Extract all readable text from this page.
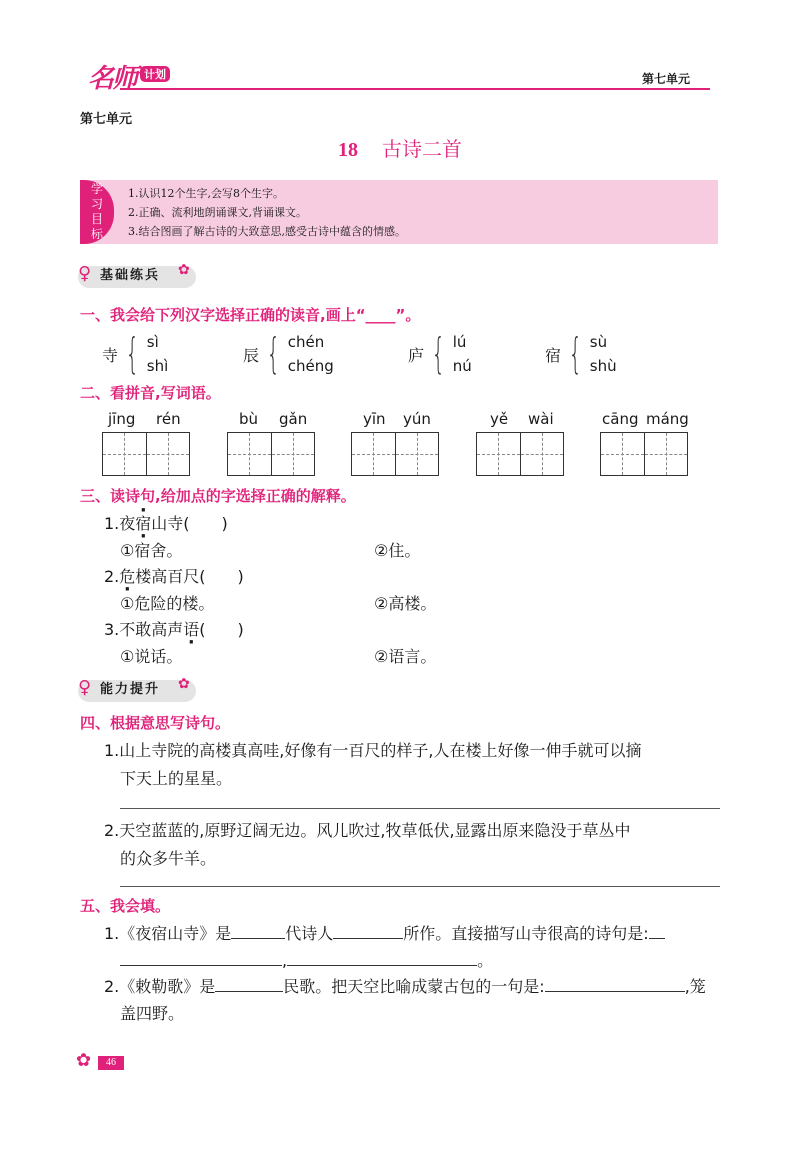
名师 计划	第七单元
第七单元
18 古诗二首
学
习
目
标
1.认识12个生字,会写8个生字。
2.正确、流利地朗诵课文,背诵课文。
3.结合图画了解古诗的大致意思,感受古诗中蕴含的情感。
♀ 基础练兵 ✿
一、我会给下列汉字选择正确的读音,画上“____”。
寺 { sì
shì
辰 { chén
chéng
庐 { lú
nú
宿 { sù
shù
二、看拼音,写词语。
jīng rén	bù gǎn	yīn yún	yě wài	cāng máng
三、读诗句,给加点的字选择正确的解释。
1.夜宿山寺(　　)
①宿舍。	②住。
2.危楼高百尺(　　)
①危险的楼。	②高楼。
3.不敢高声语(　　)
①说话。	②语言。
♀ 能力提升 ✿
四、根据意思写诗句。
1.山上寺院的高楼真高哇,好像有一百尺的样子,人在楼上好像一伸手就可以摘
下天上的星星。
2.天空蓝蓝的,原野辽阔无边。风儿吹过,牧草低伏,显露出原来隐没于草丛中
的众多牛羊。
五、我会填。
1.《夜宿山寺》是	代诗人	所作。直接描写山寺很高的诗句是:
,	。
2.《敕勒歌》是	民歌。把天空比喻成蒙古包的一句是:	,笼
盖四野。
✿	46
